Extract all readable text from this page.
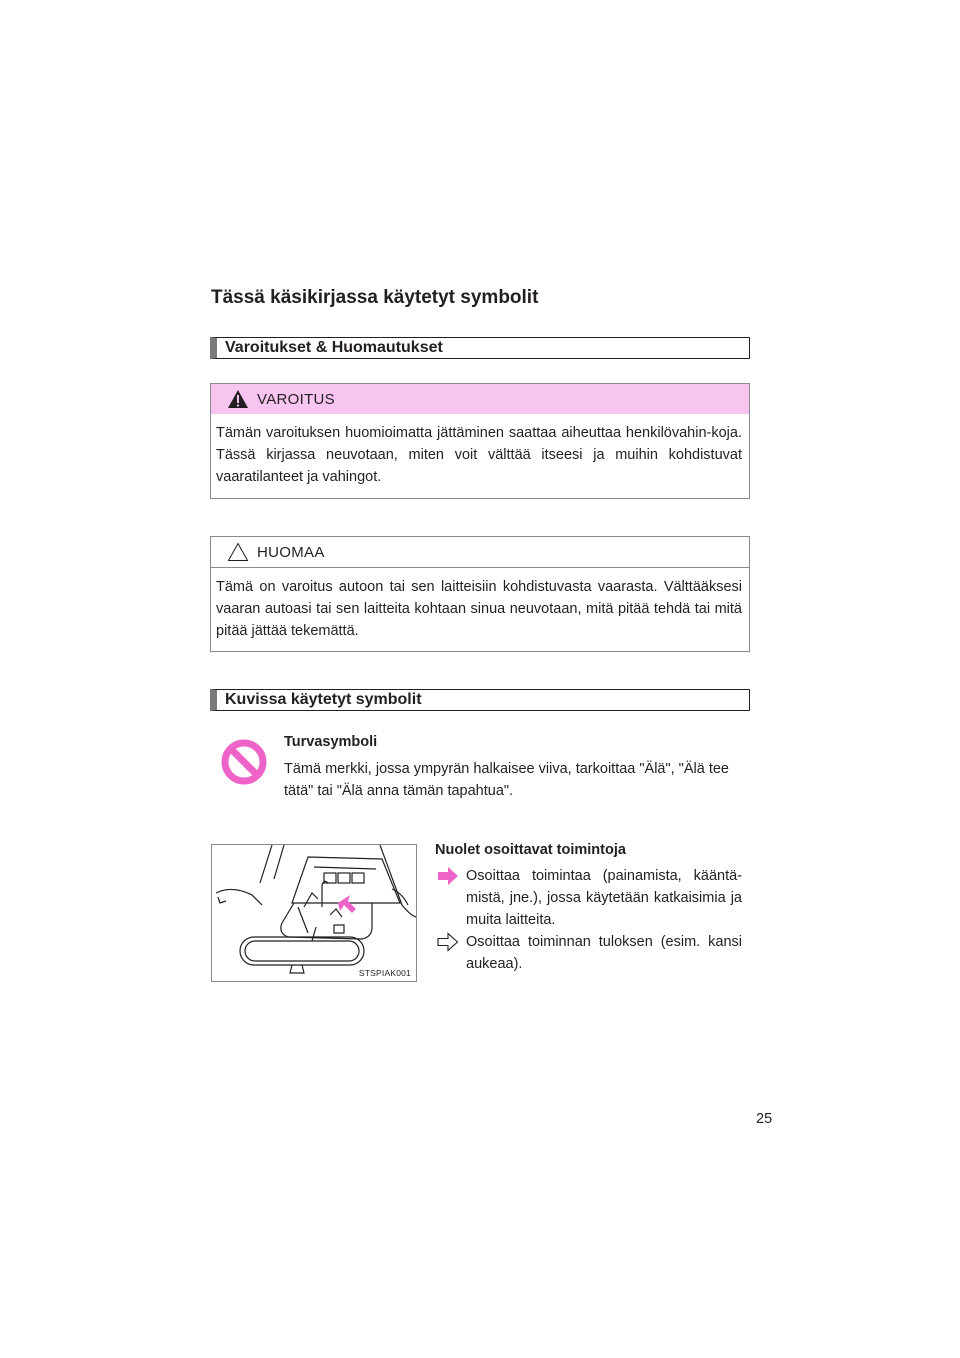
Tässä käsikirjassa käytetyt symbolit
Varoitukset & Huomautukset
VAROITUS
Tämän varoituksen huomioimatta jättäminen saattaa aiheuttaa henkilövahin-koja. Tässä kirjassa neuvotaan, miten voit välttää itseesi ja muihin kohdistuvat vaaratilanteet ja vahingot.
HUOMAA
Tämä on varoitus autoon tai sen laitteisiin kohdistuvasta vaarasta. Välttääksesi vaaran autoasi tai sen laitteita kohtaan sinua neuvotaan, mitä pitää tehdä tai mitä pitää jättää tekemättä.
Kuvissa käytetyt symbolit
Turvasymboli
Tämä merkki, jossa ympyrän halkaisee viiva, tarkoittaa "Älä", "Älä tee tätä" tai "Älä anna tämän tapahtua".
STSPIAK001
Nuolet osoittavat toimintoja
Osoittaa toimintaa (painamista, kääntä-mistä, jne.), jossa käytetään katkaisimia ja muita laitteita.
Osoittaa toiminnan tuloksen (esim. kansi aukeaa).
25
